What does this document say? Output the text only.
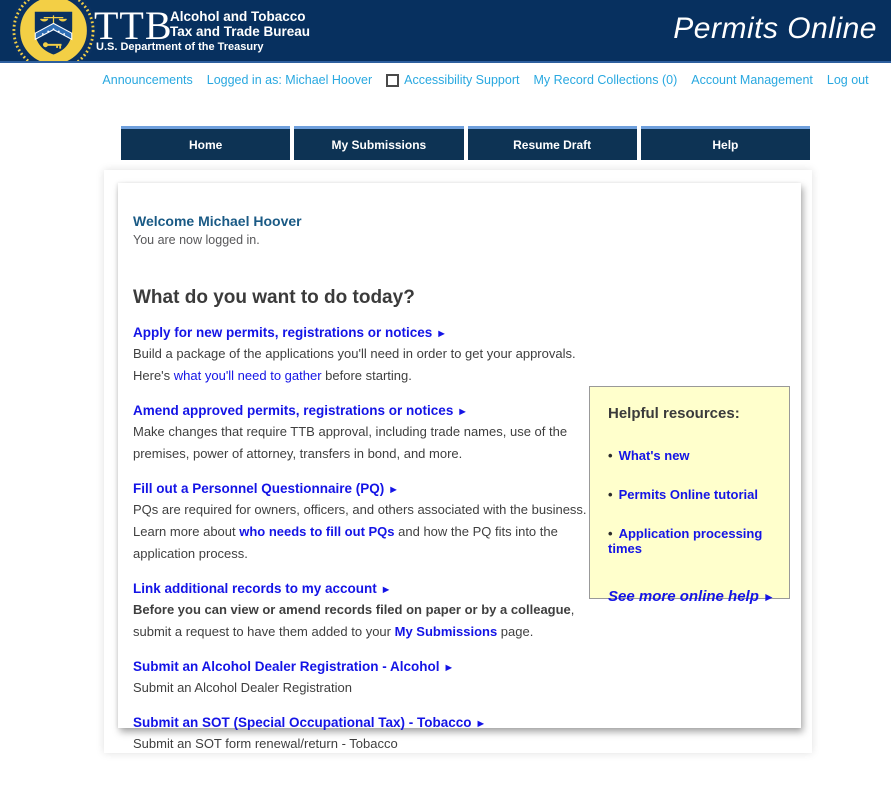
TTB
Alcohol and Tobacco
Tax and Trade Bureau
U.S. Department of the Treasury
Permits Online
Announcements Logged in as: Michael Hoover	Accessibility Support My Record Collections (0) Account Management Log out
Home	My Submissions	Resume Draft	Help
Welcome Michael Hoover
You are now logged in.
What do you want to do today?
Apply for new permits, registrations or notices ►
Build a package of the applications you'll need in order to get your approvals. Here's what you'll need to gather before starting.
Amend approved permits, registrations or notices ►
Make changes that require TTB approval, including trade names, use of the premises, power of attorney, transfers in bond, and more.
Fill out a Personnel Questionnaire (PQ) ►
PQs are required for owners, officers, and others associated with the business. Learn more about who needs to fill out PQs and how the PQ fits into the application process.
Link additional records to my account ►
Before you can view or amend records filed on paper or by a colleague, submit a request to have them added to your My Submissions page.
Submit an Alcohol Dealer Registration - Alcohol ►
Submit an Alcohol Dealer Registration
Submit an SOT (Special Occupational Tax) - Tobacco ►
Submit an SOT form renewal/return - Tobacco
Helpful resources:
• What's new
• Permits Online tutorial
• Application processing times
See more online help ►
